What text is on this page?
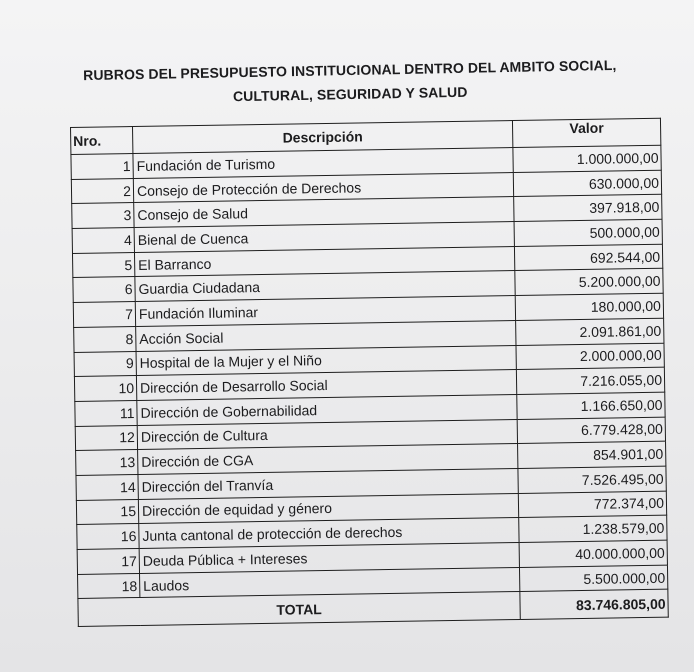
RUBROS DEL PRESUPUESTO INSTITUCIONAL DENTRO DEL AMBITO SOCIAL,
CULTURAL, SEGURIDAD Y SALUD
Nro.	Descripción	Valor
1	Fundación de Turismo	1.000.000,00
2	Consejo de Protección de Derechos	630.000,00
3	Consejo de Salud	397.918,00
4	Bienal de Cuenca	500.000,00
5	El Barranco	692.544,00
6	Guardia Ciudadana	5.200.000,00
7	Fundación Iluminar	180.000,00
8	Acción Social	2.091.861,00
9	Hospital de la Mujer y el Niño	2.000.000,00
10	Dirección de Desarrollo Social	7.216.055,00
11	Dirección de Gobernabilidad	1.166.650,00
12	Dirección de Cultura	6.779.428,00
13	Dirección de CGA	854.901,00
14	Dirección del Tranvía	7.526.495,00
15	Dirección de equidad y género	772.374,00
16	Junta cantonal de protección de derechos	1.238.579,00
17	Deuda Pública + Intereses	40.000.000,00
18	Laudos	5.500.000,00
TOTAL		83.746.805,00
